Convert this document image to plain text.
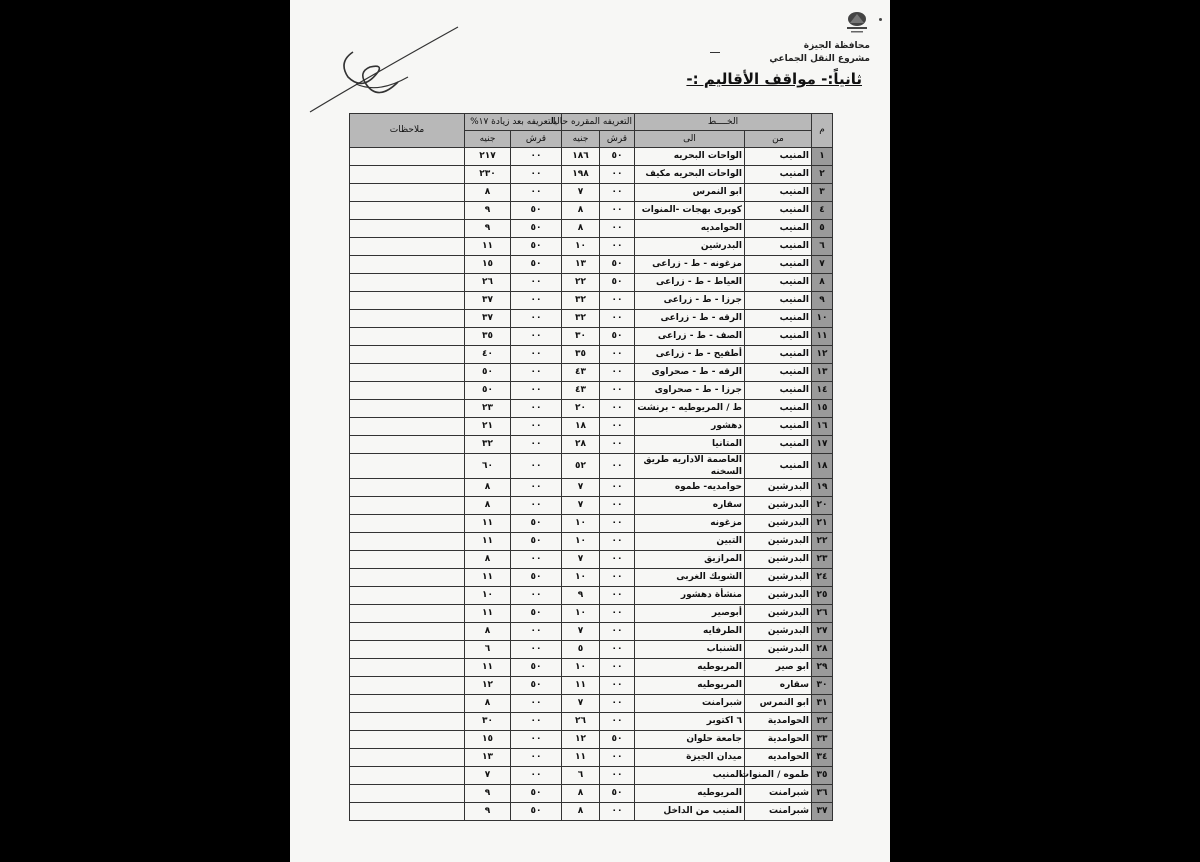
محافظة الجيزة
مشروع النقل الجماعي
ثانياً:- مواقف الأقاليم :-
م	الخــــط		التعريفه المقرره حاليا		التعريفه بعد زيادة ١٧%		ملاحظات
	من	الى	قرش	جنيه	قرش	جنيه	
١	المنيب	الواحات البحريه	٥٠	١٨٦	٠٠	٢١٧	
٢	المنيب	الواحات البحريه مكيف	٠٠	١٩٨	٠٠	٢٣٠	
٣	المنيب	ابو النمرس	٠٠	٧	٠٠	٨	
٤	المنيب	كوبرى بهجات -المنوات	٠٠	٨	٥٠	٩	
٥	المنيب	الحوامديه	٠٠	٨	٥٠	٩	
٦	المنيب	البدرشين	٠٠	١٠	٥٠	١١	
٧	المنيب	مزغونه - ط - زراعى	٥٠	١٣	٥٠	١٥	
٨	المنيب	العياط - ط - زراعى	٥٠	٢٢	٠٠	٢٦	
٩	المنيب	جرزا - ط - زراعى	٠٠	٣٢	٠٠	٣٧	
١٠	المنيب	الرقه - ط - زراعى	٠٠	٣٢	٠٠	٣٧	
١١	المنيب	الصف - ط - زراعى	٥٠	٣٠	٠٠	٣٥	
١٢	المنيب	أطفيح - ط - زراعى	٠٠	٣٥	٠٠	٤٠	
١٣	المنيب	الرقه - ط - صحراوى	٠٠	٤٣	٠٠	٥٠	
١٤	المنيب	جرزا - ط - صحراوى	٠٠	٤٣	٠٠	٥٠	
١٥	المنيب	ط / المريوطيه - برنشت	٠٠	٢٠	٠٠	٢٣	
١٦	المنيب	دهشور	٠٠	١٨	٠٠	٢١	
١٧	المنيب	المتانيا	٠٠	٢٨	٠٠	٣٢	
١٨	المنيب	العاصمة الاداريه طريق السخنه	٠٠	٥٢	٠٠	٦٠	
١٩	البدرشين	حوامديه- طموه	٠٠	٧	٠٠	٨	
٢٠	البدرشين	سقاره	٠٠	٧	٠٠	٨	
٢١	البدرشين	مزغونه	٠٠	١٠	٥٠	١١	
٢٢	البدرشين	التبين	٠٠	١٠	٥٠	١١	
٢٣	البدرشين	المرازيق	٠٠	٧	٠٠	٨	
٢٤	البدرشين	الشوبك الغربى	٠٠	١٠	٥٠	١١	
٢٥	البدرشين	منشأة دهشور	٠٠	٩	٠٠	١٠	
٢٦	البدرشين	أبوصير	٠٠	١٠	٥٠	١١	
٢٧	البدرشين	الطرفايه	٠٠	٧	٠٠	٨	
٢٨	البدرشين	الشنباب	٠٠	٥	٠٠	٦	
٢٩	ابو صير	المريوطيه	٠٠	١٠	٥٠	١١	
٣٠	سقاره	المريوطيه	٠٠	١١	٥٠	١٢	
٣١	ابو النمرس	شبرامنت	٠٠	٧	٠٠	٨	
٣٢	الحوامدية	٦ اكتوبر	٠٠	٢٦	٠٠	٣٠	
٣٣	الحوامدية	جامعة حلوان	٥٠	١٢	٠٠	١٥	
٣٤	الحوامديه	ميدان الجيزة	٠٠	١١	٠٠	١٣	
٣٥	طموه / المنوات	المنيب	٠٠	٦	٠٠	٧	
٣٦	شبرامنت	المريوطيه	٥٠	٨	٥٠	٩	
٣٧	شبرامنت	المنيب من الداخل	٠٠	٨	٥٠	٩	
